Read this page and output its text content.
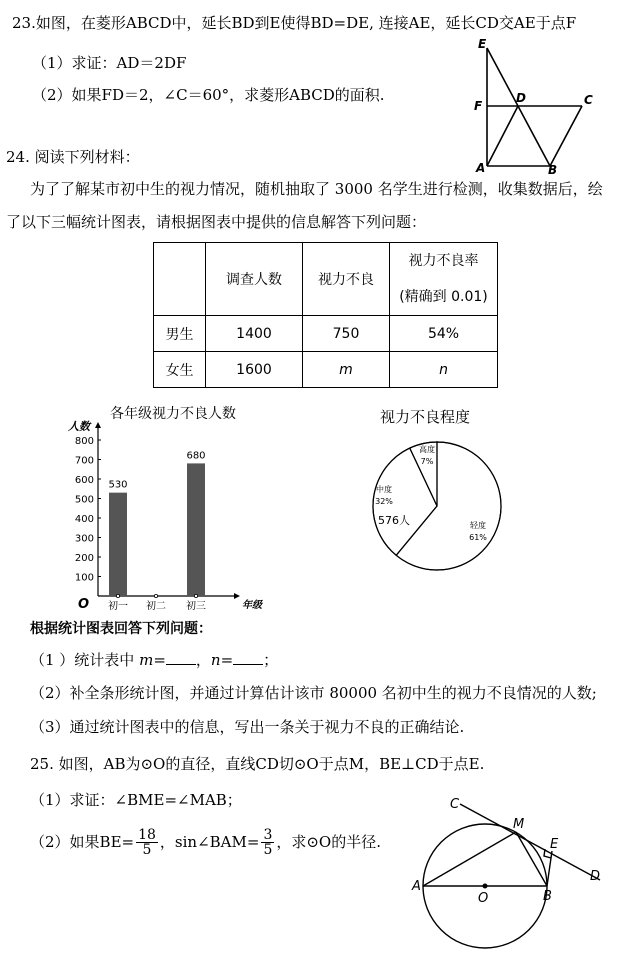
23.如图，在菱形ABCD中，延长BD到E使得BD=DE, 连接AE，延长CD交AE于点F
（1）求证：AD＝2DF
（2）如果FD＝2，∠C＝60°，求菱形ABCD的面积.
E
F
D	C
A	B
24. 阅读下列材料：
为了了解某市初中生的视力情况，随机抽取了 3000 名学生进行检测，收集数据后，绘
了以下三幅统计图表，请根据图表中提供的信息解答下列问题：
	调查人数	视力不良	视力不良率
(精确到 0.01)

男生	1400	750	54%
女生	1600	m	n
各年级视力不良人数
人数
O	年级
100
200
300
400
500
600
700
800
530
初一 初二
680
初三
视力不良程度
高度
7%
中度
32%
576人	轻度
61%
根据统计图表回答下列问题：
（1 ）统计表中 m= ，n= ；
（2）补全条形统计图，并通过计算估计该市 80000 名初中生的视力不良情况的人数;
（3）通过统计图表中的信息，写出一条关于视力不良的正确结论.
25. 如图，AB为⊙O的直径，直线CD切⊙O于点M，BE⊥CD于点E.
（1）求证：∠BME=∠MAB；
（2）如果$BE= \frac{18}{5}$ ，sin∠BAM= $\frac{3}{5}$ ，求⊙O的半径.
C
M
E
D
A
O	B
